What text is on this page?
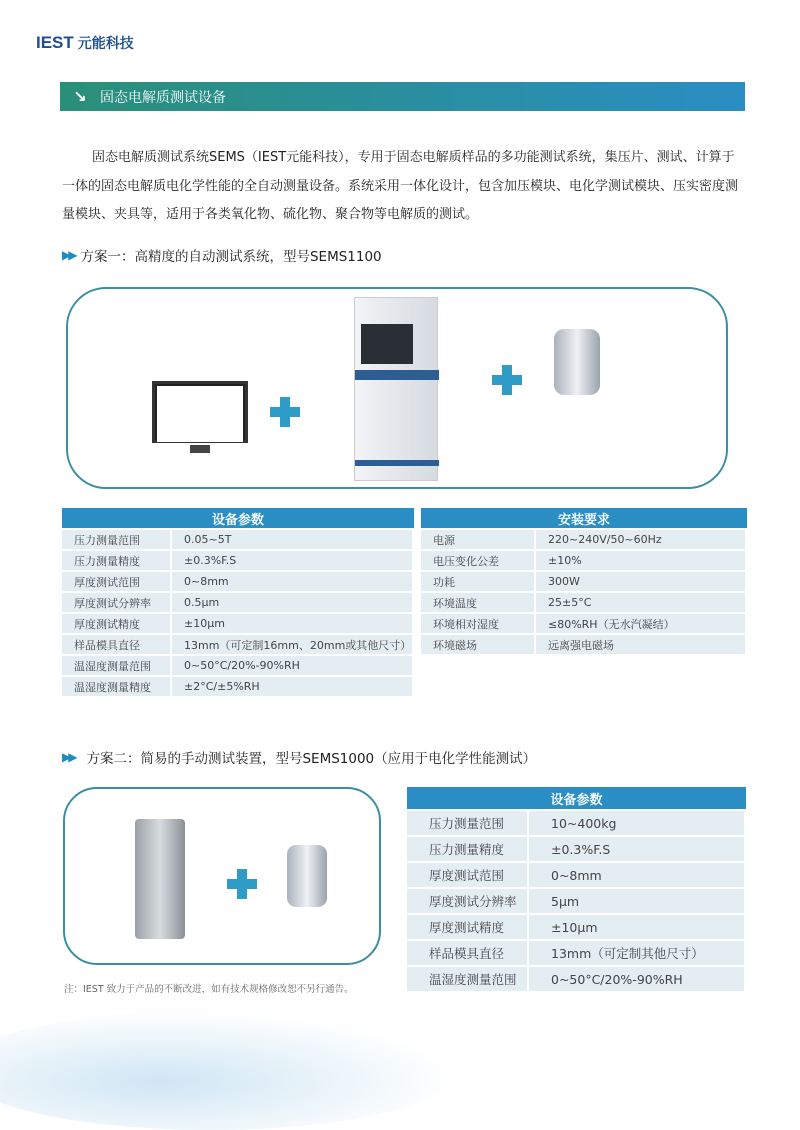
IEST 元能科技
↘ 固态电解质测试设备
固态电解质测试系统SEMS（IEST元能科技），专用于固态电解质样品的多功能测试系统，集压片、测试、计算于一体的固态电解质电化学性能的全自动测量设备。系统采用一体化设计，包含加压模块、电化学测试模块、压实密度测量模块、夹具等，适用于各类氧化物、硫化物、聚合物等电解质的测试。
▶▶ 方案一：高精度的自动测试系统，型号SEMS1100
设备参数	
压力测量范围	0.05~5T
压力测量精度	±0.3%F.S
厚度测试范围	0~8mm
厚度测试分辨率	0.5μm
厚度测试精度	±10μm
样品模具直径	13mm（可定制16mm、20mm或其他尺寸）
温湿度测量范围	0~50°C/20%-90%RH
温湿度测量精度	±2°C/±5%RH
安装要求	
电源	220~240V/50~60Hz
电压变化公差	±10%
功耗	300W
环境温度	25±5°C
环境相对湿度	≤80%RH（无水汽凝结）
环境磁场	远离强电磁场
▶▶ 方案二：简易的手动测试装置，型号SEMS1000（应用于电化学性能测试）
设备参数	
压力测量范围	10~400kg
压力测量精度	±0.3%F.S
厚度测试范围	0~8mm
厚度测试分辨率	5μm
厚度测试精度	±10μm
样品模具直径	13mm（可定制其他尺寸）
温湿度测量范围	0~50°C/20%-90%RH
注：IEST 致力于产品的不断改进，如有技术规格修改恕不另行通告。
